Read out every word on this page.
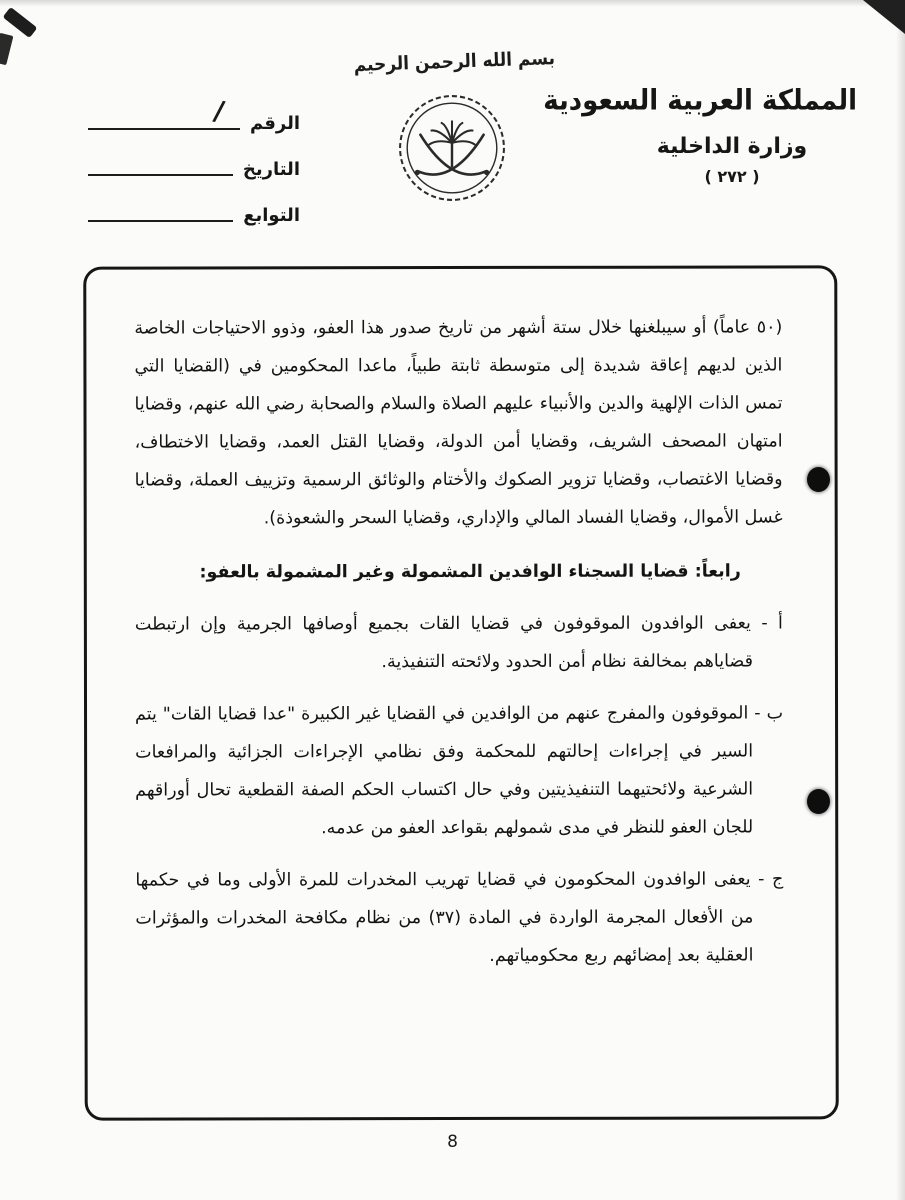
بسم الله الرحمن الرحيم
المملكة العربية السعودية
وزارة الداخلية
( ٢٧٢ )
/ الرقم
التاريخ
التوابع

(٥٠ عاماً) أو سيبلغنها خلال ستة أشهر من تاريخ صدور هذا العفو، وذوو الاحتياجات الخاصة الذين لديهم إعاقة شديدة إلى متوسطة ثابتة طبياً، ماعدا المحكومين في (القضايا التي تمس الذات الإلهية والدين والأنبياء عليهم الصلاة والسلام والصحابة رضي الله عنهم، وقضايا امتهان المصحف الشريف، وقضايا أمن الدولة، وقضايا القتل العمد، وقضايا الاختطاف، وقضايا الاغتصاب، وقضايا تزوير الصكوك والأختام والوثائق الرسمية وتزييف العملة، وقضايا غسل الأموال، وقضايا الفساد المالي والإداري، وقضايا السحر والشعوذة).

رابعاً: قضايا السجناء الوافدين المشمولة وغير المشمولة بالعفو:

أ - يعفى الوافدون الموقوفون في قضايا القات بجميع أوصافها الجرمية وإن ارتبطت قضاياهم بمخالفة نظام أمن الحدود ولائحته التنفيذية.

ب - الموقوفون والمفرج عنهم من الوافدين في القضايا غير الكبيرة "عدا قضايا القات" يتم السير في إجراءات إحالتهم للمحكمة وفق نظامي الإجراءات الجزائية والمرافعات الشرعية ولائحتيهما التنفيذيتين وفي حال اكتساب الحكم الصفة القطعية تحال أوراقهم للجان العفو للنظر في مدى شمولهم بقواعد العفو من عدمه.

ج - يعفى الوافدون المحكومون في قضايا تهريب المخدرات للمرة الأولى وما في حكمها من الأفعال المجرمة الواردة في المادة (٣٧) من نظام مكافحة المخدرات والمؤثرات العقلية بعد إمضائهم ربع محكومياتهم.

8
